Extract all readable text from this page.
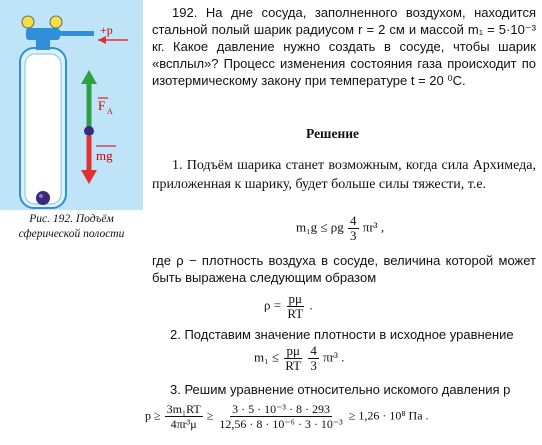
+p
F A
mg
Рис. 192. Подъём
сферической полости

192. На дне сосуда, заполненного воздухом, находится стальной полый шарик радиусом r = 2 см и массой m₁ = 5·10⁻³ кг. Какое давление нужно создать в сосуде, чтобы шарик «всплыл»? Процесс изменения состояния газа происходит по изотермическому закону при температуре t = 20 ⁰С.

Решение

1. Подъём шарика станет возможным, когда сила Архимеда, приложенная к шарику, будет больше силы тяжести, т.е.

m₁g ≤ ρg $\frac{4}{3} \pi r^3$ ,

где ρ − плотность воздуха в сосуде, величина которой может быть выражена следующим образом

$\rho = \frac{p\mu}{RT}$ .

2. Подставим значение плотности в исходное уравнение

$m_1 \le \frac{p\mu}{RT}$
$\frac{4}{3} \pi r^3$ .

3. Решим уравнение относительно искомого давления p

$p \ge \frac{\text{3m₁RT}}{\text{4πr³μ}} \ge \frac{\text{3 · 5 · 10⁻³ · 8 · 293}}{\text{12,56 · 8 · 10⁻⁶ · 3 · 10⁻³}} \ge 1,26 \cdot 10^8$ Па .
